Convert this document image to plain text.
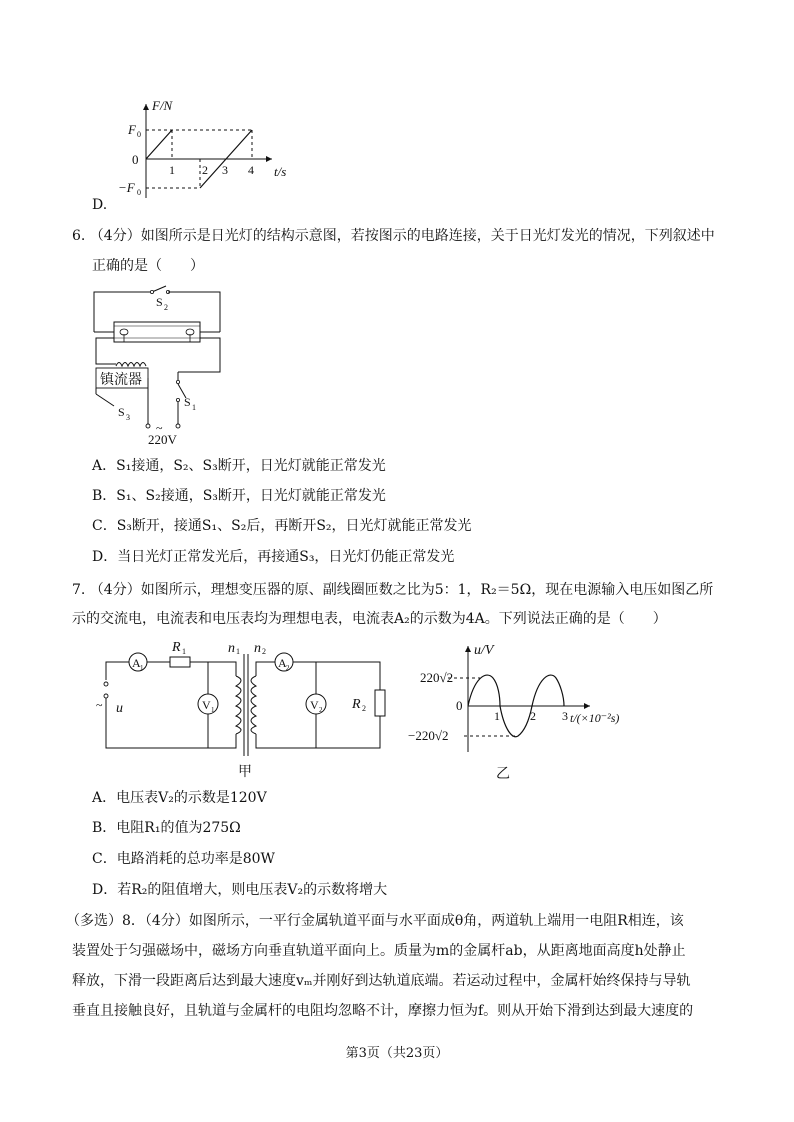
F/N
F 0
0
−F 0
1 2 3 4 t/s
D.
6. （4分）如图所示是日光灯的结构示意图，若按图示的电路连接，关于日光灯发光的情况，下列叙述中
正确的是（　　）
S 2
镇流器
S 3
S 1
~
220V
A．S₁接通，S₂、S₃断开，日光灯就能正常发光
B．S₁、S₂接通，S₃断开，日光灯就能正常发光
C．S₃断开，接通S₁、S₂后，再断开S₂，日光灯就能正常发光
D．当日光灯正常发光后，再接通S₃，日光灯仍能正常发光
7. （4分）如图所示，理想变压器的原、副线圈匝数之比为5：1，R₂＝5Ω，现在电源输入电压如图乙所
示的交流电，电流表和电压表均为理想电表，电流表A₂的示数为4A。下列说法正确的是（　　）
A 1
R 1
V 1
~ u
n 1 n 2
A 2
V 2 R 2
甲
u/V
220√2
0
−220√2
1	2 3 t/(×10⁻²s)
乙
A．电压表V₂的示数是120V
B．电阻R₁的值为275Ω
C．电路消耗的总功率是80W
D．若R₂的阻值增大，则电压表V₂的示数将增大
（多选）8．（4分）如图所示，一平行金属轨道平面与水平面成θ角，两道轨上端用一电阻R相连，该
装置处于匀强磁场中，磁场方向垂直轨道平面向上。质量为m的金属杆ab，从距离地面高度h处静止
释放，下滑一段距离后达到最大速度vₘ并刚好到达轨道底端。若运动过程中，金属杆始终保持与导轨
垂直且接触良好，且轨道与金属杆的电阻均忽略不计，摩擦力恒为f。则从开始下滑到达到最大速度的
第3页（共23页）
